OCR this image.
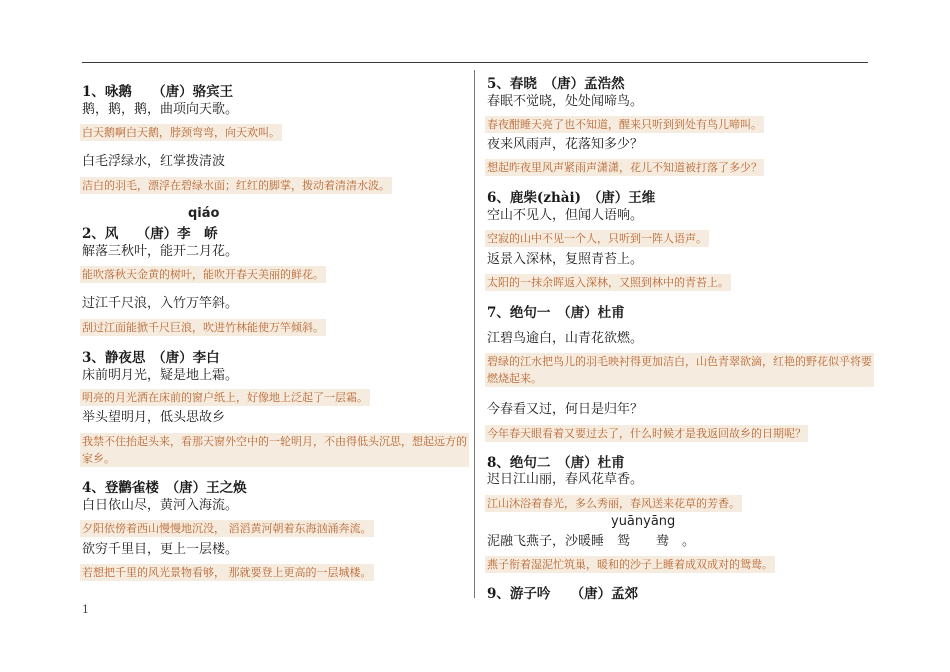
1、咏鹅　　（唐）骆宾王
鹅，鹅，鹅，曲项向天歌。
白天鹅啊白天鹅，脖颈弯弯，向天欢叫。
白毛浮绿水，红掌拨清波
洁白的羽毛，漂浮在碧绿水面；红红的脚掌，拨动着清清水波。
qiáo
2、风　 （唐）李　峤
解落三秋叶，能开二月花。
能吹落秋天金黄的树叶，能吹开春天美丽的鲜花。
过江千尺浪，入竹万竿斜。
刮过江面能掀千尺巨浪，吹进竹林能使万竿倾斜。
3、静夜思　（唐）李白
床前明月光，疑是地上霜。
明亮的月光洒在床前的窗户纸上，好像地上泛起了一层霜。
举头望明月，低头思故乡
我禁不住抬起头来，看那天窗外空中的一轮明月，不由得低头沉思，想起远方的家乡。
4、登鹳雀楼　（唐）王之焕
白日依山尽，黄河入海流。
夕阳依傍着西山慢慢地沉没， 滔滔黄河朝着东海汹涌奔流。
欲穷千里目，更上一层楼。
若想把千里的风光景物看够， 那就要登上更高的一层城楼。
5、春晓　（唐）孟浩然
春眠不觉晓，处处闻啼鸟。
春夜酣睡天亮了也不知道，醒来只听到到处有鸟儿啼叫。
夜来风雨声，花落知多少？
想起昨夜里风声紧雨声潇潇，花儿不知道被打落了多少？
6、鹿柴(zhài)　（唐）王维
空山不见人，但闻人语响。
空寂的山中不见一个人，只听到一阵人语声。
返景入深林，复照青苔上。
太阳的一抹余晖返入深林，又照到林中的青苔上。
7、绝句一　（唐）杜甫
江碧鸟逾白，山青花欲燃。
碧绿的江水把鸟儿的羽毛映衬得更加洁白，山色青翠欲滴，红艳的野花似乎将要燃烧起来。
今春看又过，何日是归年？
今年春天眼看着又要过去了，什么时候才是我返回故乡的日期呢？
8、绝句二　（唐）杜甫
迟日江山丽，春风花草香。
江山沐浴着春光，多么秀丽，春风送来花草的芳香。
yuānyāng
泥融飞燕子，沙暖睡　鸳　　鸯　。
燕子衔着湿泥忙筑巢，暖和的沙子上睡着成双成对的鸳鸯。
9、游子吟　　（唐）孟郊
1
